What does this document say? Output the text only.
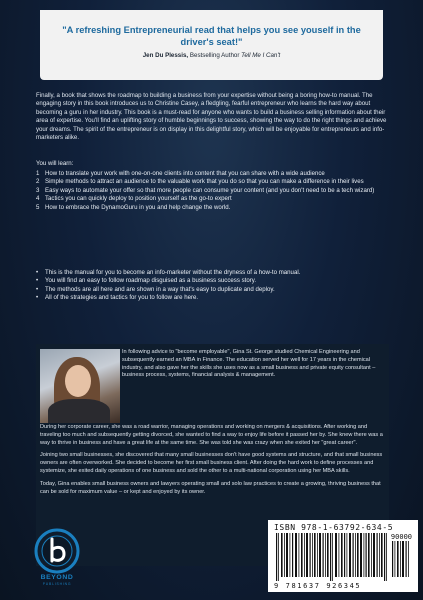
"A refreshing Entrepreneurial read that helps you see youself in the driver's seat!"
Jen Du Plessis, Bestselling Author Tell Me I Can't
Finally, a book that shows the roadmap to building a business from your expertise without being a boring how-to manual. The engaging story in this book introduces us to Christine Casey, a fledgling, fearful entrepreneur who learns the hard way about becoming a guru in her industry. This book is a must-read for anyone who wants to build a business selling information about their area of expertise. You'll find an uplifting story of humble beginnings to success, showing the way to do the right things and achieve your dreams. The spirit of the entrepreneur is on display in this delightful story, which will be enjoyable for entrepreneurs and info-marketers alike.
You will learn:
1 How to translate your work with one-on-one clients into content that you can share with a wide audience
2 Simple methods to attract an audience to the valuable work that you do so that you can make a difference in their lives
3 Easy ways to automate your offer so that more people can consume your content (and you don't need to be a tech wizard)
4 Tactics you can quickly deploy to position yourself as the go-to expert
5 How to embrace the DynamoGuru in you and help change the world.
•	This is the manual for you to become an info-marketer without the dryness of a how-to manual.
•	You will find an easy to follow roadmap disguised as a business success story.
•	The methods are all here and are shown in a way that's easy to duplicate and deploy.
•	All of the strategies and tactics for you to follow are here.
In following advice to "become employable", Gina St. George studied Chemical Engineering and subsequently earned an MBA in Finance. The education served her well for 17 years in the chemical industry, and also gave her the skills she uses now as a small business and private equity consultant – business process, systems, financial analysis & management.

During her corporate career, she was a road warrior, managing operations and working on mergers & acquisitions. After working and traveling too much and subsequently getting divorced, she wanted to find a way to enjoy life before it passed her by. She knew there was a way to thrive in business and have a great life at the same time. She was told she was crazy when she exited her "great career".

Joining two small businesses, she discovered that many small businesses don't have good systems and structure, and that small business owners are often overworked. She decided to become her first small business client. After doing the hard work to define processes and systemize, she exited daily operations of one business and sold the other to a multi-national corporation using her MBA skills.

Today, Gina enables small business owners and lawyers operating small and solo law practices to create a growing, thriving business that can be sold for maximum value – or kept and enjoyed by its owner.

BEYOND
PUBLISHING
ISBN 978-1-63792-634-5
90000
9 781637 926345
